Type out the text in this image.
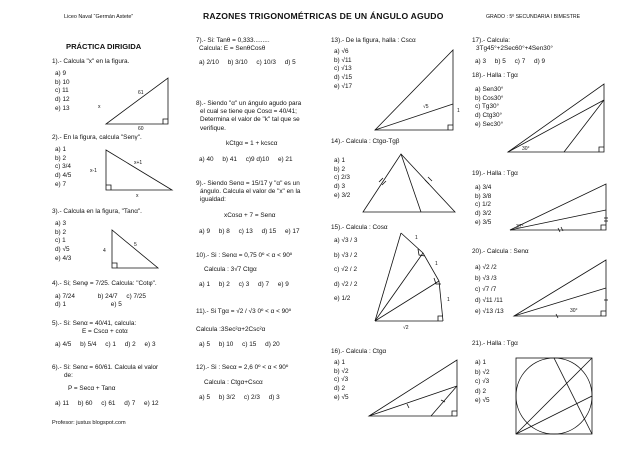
Liceo Naval “Germán Astete”	RAZONES TRIGONOMÉTRICAS DE UN ÁNGULO AGUDO	GRADO : 5º SECUNDARIA I BIMESTRE
PRÁCTICA DIRIGIDA
1).- Calcula "x" en la figura.
a) 9
b) 10
c) 11
d) 12
e) 13
61
60
x
2).- En la figura, calcula "Senγ".
a) 1
b) 2
c) 3/4
d) 4/5
e) 7
x+1
x-1
x
3).- Calcula en la figura, "Tanα".
a) 3
b) 2
c) 1
d) √5
e) 4/3
5
4
4).- Si; Senφ = 7/25. Calcula: "Cotφ".
a) 7/24	b) 24/7 c) 7/25
d) 1	e) 5
5).- Si: Senα = 40/41, calcula:
E = Cscα + cotα
a) 4/5 b) 5/4 c) 1 d) 2 e) 3
6).- Si: Senα = 60/61. Calcula el valor
de:
P = Secα + Tanα
a) 11 b) 60 c) 61 d) 7 e) 12
Profesor: justus blogspot.com
7).- Si: Tanθ = 0,333.........
Calcula: E = SenθCosθ
a) 2/10 b) 3/10 c) 10/3 d) 5
8).- Siendo "α" un ángulo agudo para
el cual se tiene que Cosα = 40/41;
Determina el valor de "k" tal que se
verifique.
kCtgα = 1 + kcscα
a) 40 b) 41 c)9 d)10 e) 21
9).- Siendo Senα = 15/17 y "α" es un
ángulo. Calcula el valor de "x" en la
igualdad:
xCosα + 7 = Senα
a) 9 b) 8 c) 13 d) 15 e) 17
10).- Si : Senα = 0,75 0º < α < 90º
Calcula : 3√7 Ctgα
a) 1 b) 2 c) 3 d) 7 e) 9
11).- Si Tgα = √2 / √3 0º < α < 90º
Calcula :3Sec²α+2Csc²α
a) 5 b) 10 c) 15 d) 20
12).- Si : Secα = 2,6 0º < α < 90º
Calcula : Ctgα+Cscα
a) 5 b) 3/2 c) 2/3 d) 3
13).- De la figura, halla : Cscα
a) √6
b) √11
c) √13
d) √15
e) √17
√5
1
14).- Calcula : Ctgα-Tgβ
a) 1
b) 2
c) 2/3
d) 3
e) 3/2
15).- Calcula : Cosα
a) √3 / 3
b) √3 / 2
c) √2 / 2
d) √2 / 2
e) 1/2
1
1
1
√2
16).- Calcula : Ctgα
a) 1
b) √2
c) √3
d) 2
e) √5
17).- Calcula:
3Tg45°+2Sec60°+4Sen30°
a) 3 b) 5 c) 7 d) 9
18).- Halla : Tgα
a) Sen30°
b) Cos30°
c) Tg30°
d) Ctg30°
e) Sec30°
30°
19).- Halla : Tgα
a) 3/4
b) 3/8
c) 1/2
d) 3/2
e) 3/5
37°
20).- Calcula : Senα
a) √2 /2
b) √3 /3
c) √7 /7
d) √11 /11
e) √13 /13	30°
21).- Halla : Tgα
a) 1
b) √2
c) √3
d) 2
e) √5
